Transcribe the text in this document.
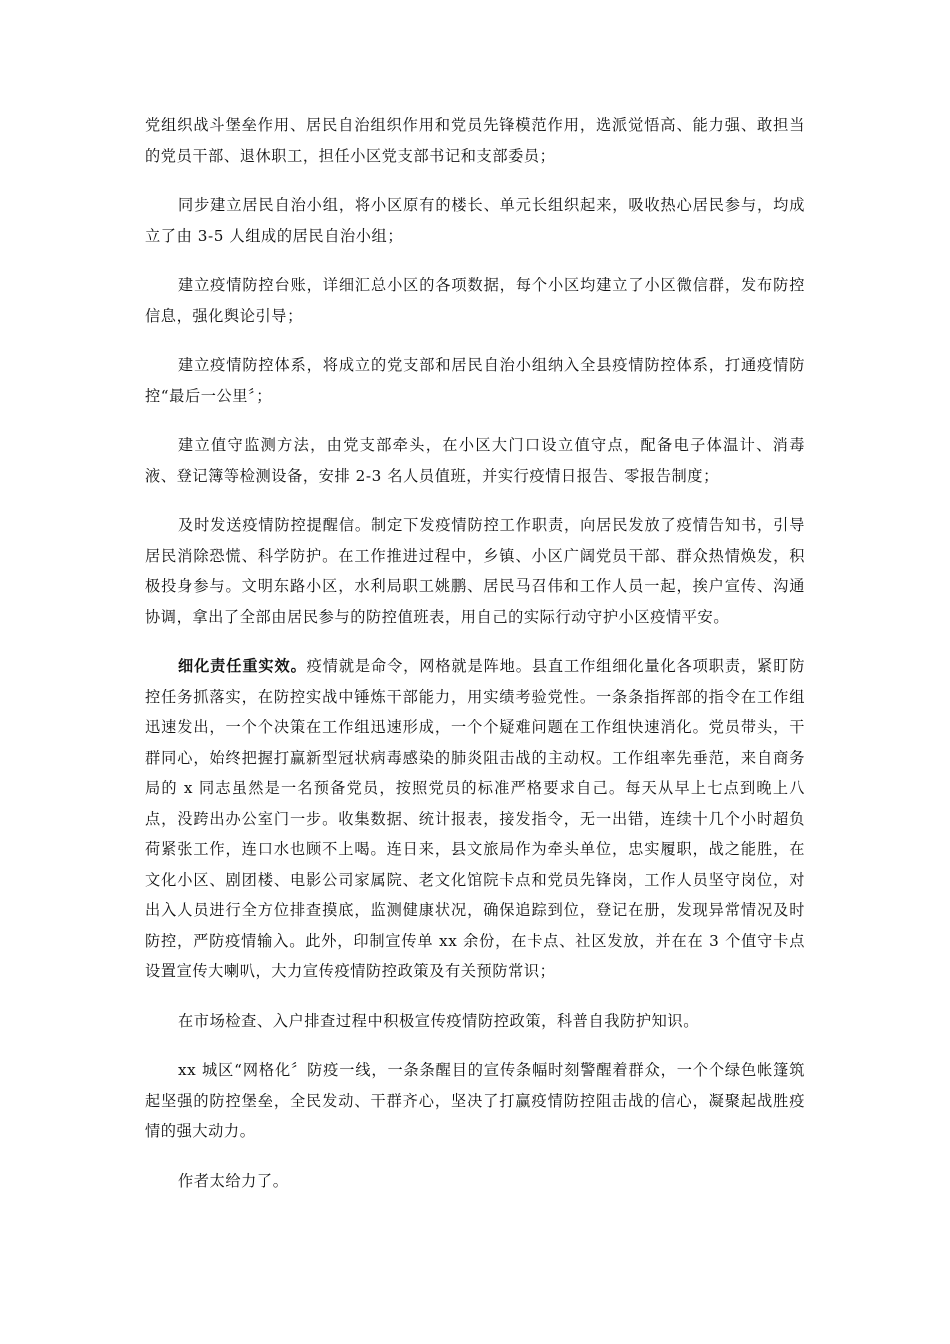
党组织战斗堡垒作用、居民自治组织作用和党员先锋模范作用，选派觉悟高、能力强、敢担当的党员干部、退休职工，担任小区党支部书记和支部委员；

同步建立居民自治小组，将小区原有的楼长、单元长组织起来，吸收热心居民参与，均成立了由 3-5 人组成的居民自治小组；

建立疫情防控台账，详细汇总小区的各项数据，每个小区均建立了小区微信群，发布防控信息，强化舆论引导；

建立疫情防控体系，将成立的党支部和居民自治小组纳入全县疫情防控体系，打通疫情防控“最后一公里〞；

建立值守监测方法，由党支部牵头，在小区大门口设立值守点，配备电子体温计、消毒液、登记簿等检测设备，安排 2-3 名人员值班，并实行疫情日报告、零报告制度；

及时发送疫情防控提醒信。制定下发疫情防控工作职责，向居民发放了疫情告知书，引导居民消除恐慌、科学防护。在工作推进过程中，乡镇、小区广阔党员干部、群众热情焕发，积极投身参与。文明东路小区，水利局职工姚鹏、居民马召伟和工作人员一起，挨户宣传、沟通协调，拿出了全部由居民参与的防控值班表，用自己的实际行动守护小区疫情平安。

细化责任重实效。疫情就是命令，网格就是阵地。县直工作组细化量化各项职责，紧盯防控任务抓落实，在防控实战中锤炼干部能力，用实绩考验党性。一条条指挥部的指令在工作组迅速发出，一个个决策在工作组迅速形成，一个个疑难问题在工作组快速消化。党员带头，干群同心，始终把握打赢新型冠状病毒感染的肺炎阻击战的主动权。工作组率先垂范，来自商务局的 x 同志虽然是一名预备党员，按照党员的标准严格要求自己。每天从早上七点到晚上八点，没跨出办公室门一步。收集数据、统计报表，接发指令，无一出错，连续十几个小时超负荷紧张工作，连口水也顾不上喝。连日来，县文旅局作为牵头单位，忠实履职，战之能胜，在文化小区、剧团楼、电影公司家属院、老文化馆院卡点和党员先锋岗，工作人员坚守岗位，对出入人员进行全方位排查摸底，监测健康状况，确保追踪到位，登记在册，发现异常情况及时防控，严防疫情输入。此外，印制宣传单 xx 余份，在卡点、社区发放，并在在 3 个值守卡点设置宣传大喇叭，大力宣传疫情防控政策及有关预防常识；

在市场检查、入户排查过程中积极宣传疫情防控政策，科普自我防护知识。

xx 城区“网格化〞防疫一线，一条条醒目的宣传条幅时刻警醒着群众，一个个绿色帐篷筑起坚强的防控堡垒，全民发动、干群齐心，坚决了打赢疫情防控阻击战的信心，凝聚起战胜疫情的强大动力。

作者太给力了。
